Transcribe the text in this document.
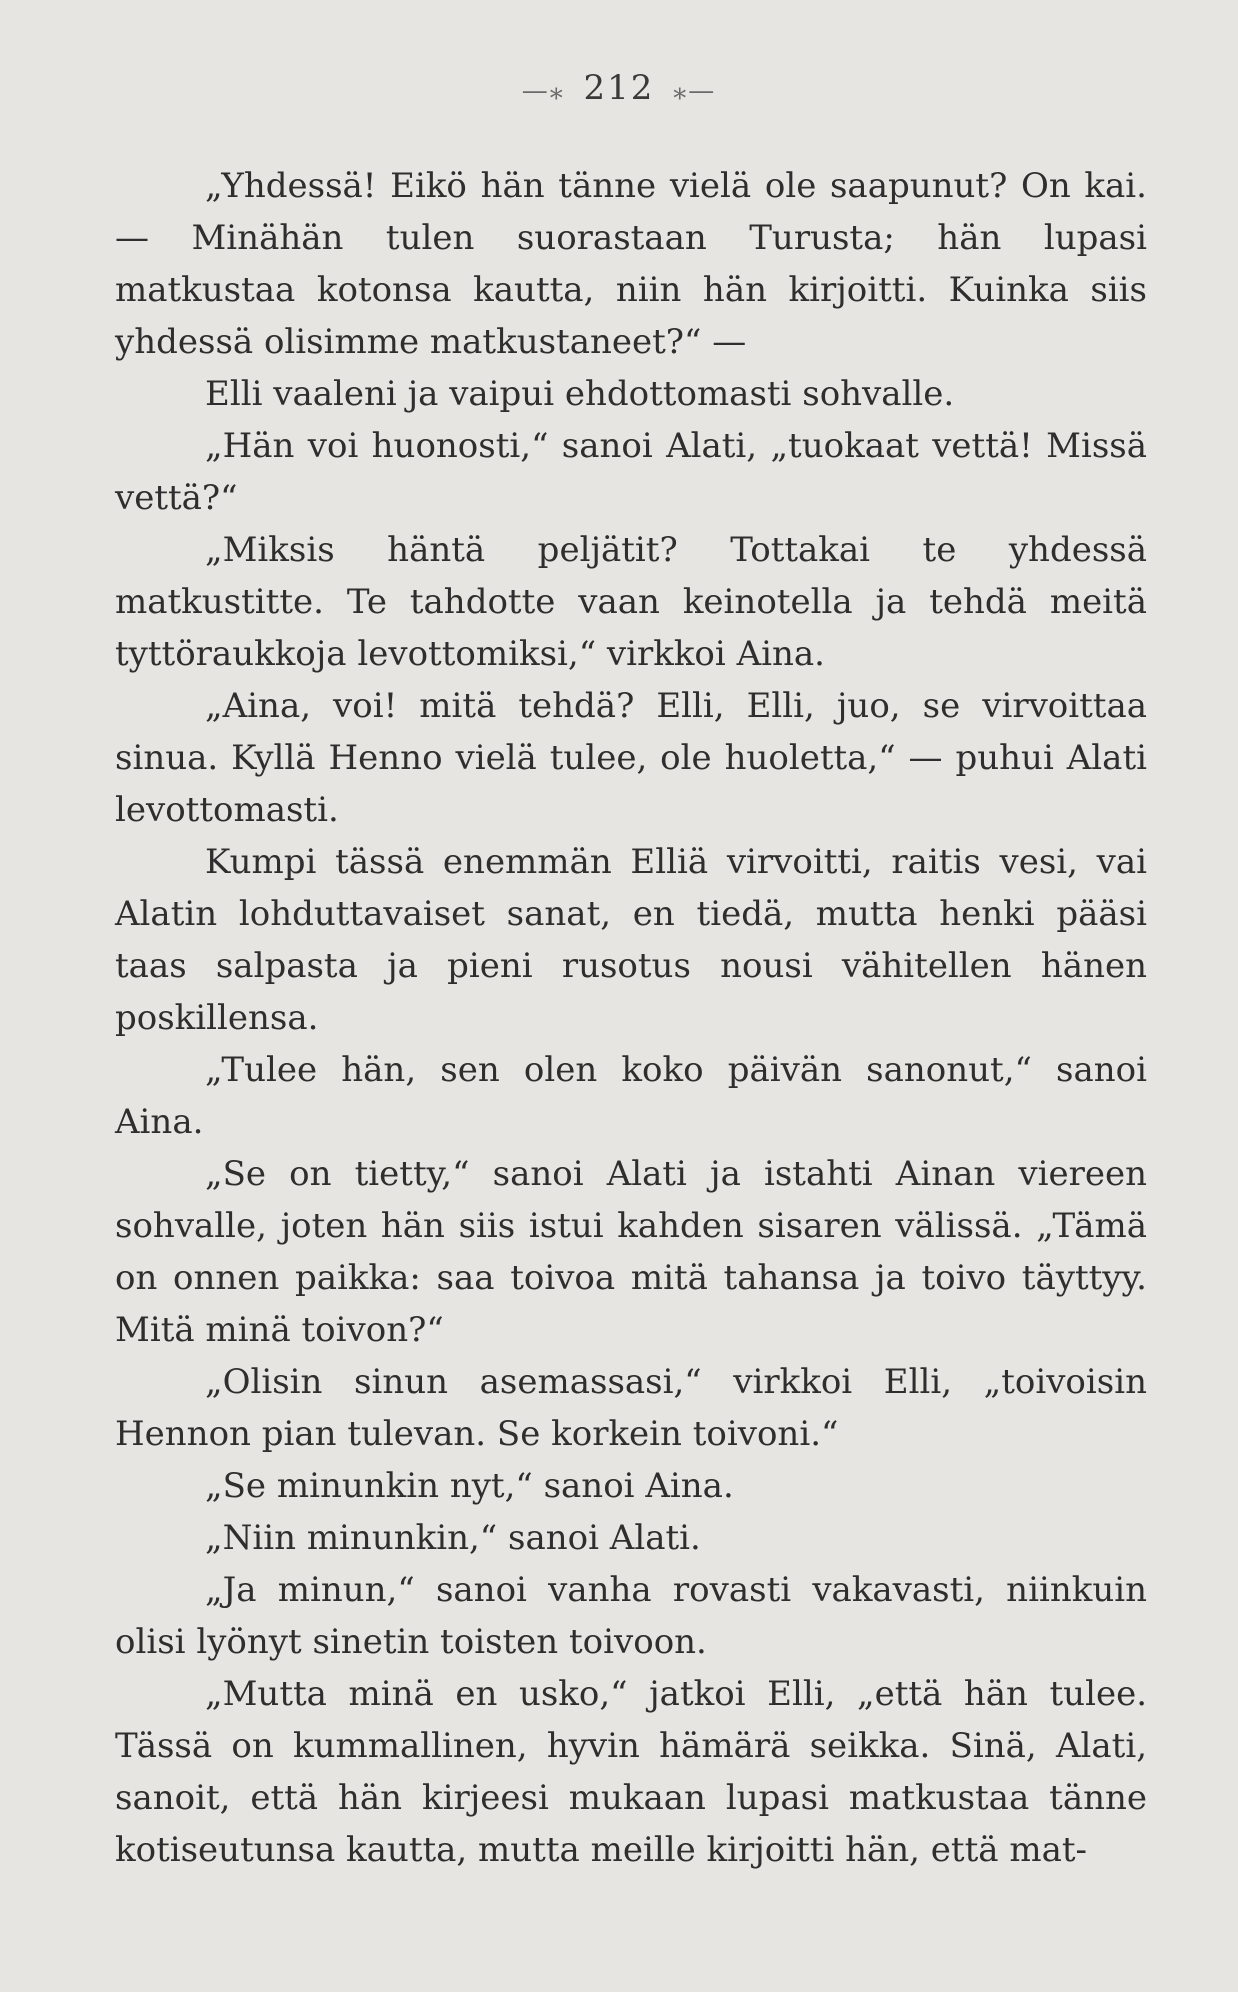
—⁎ 212 ⁎—

„Yhdessä! Eikö hän tänne vielä ole saapunut? On kai. — Minähän tulen suorastaan Turusta; hän lupasi matkustaa kotonsa kautta, niin hän kirjoitti. Kuinka siis yhdessä olisimme matkustaneet?“ —

Elli vaaleni ja vaipui ehdottomasti sohvalle.

„Hän voi huonosti,“ sanoi Alati, „tuokaat vettä! Missä vettä?“

„Miksis häntä peljätit? Tottakai te yhdessä matkustitte. Te tahdotte vaan keinotella ja tehdä meitä tyttöraukkoja levottomiksi,“ virkkoi Aina.

„Aina, voi! mitä tehdä? Elli, Elli, juo, se virvoittaa sinua. Kyllä Henno vielä tulee, ole huoletta,“ — puhui Alati levottomasti.

Kumpi tässä enemmän Elliä virvoitti, raitis vesi, vai Alatin lohduttavaiset sanat, en tiedä, mutta henki pääsi taas salpasta ja pieni rusotus nousi vähitellen hänen poskillensa.

„Tulee hän, sen olen koko päivän sanonut,“ sanoi Aina.

„Se on tietty,“ sanoi Alati ja istahti Ainan viereen sohvalle, joten hän siis istui kahden sisaren välissä. „Tämä on onnen paikka: saa toivoa mitä tahansa ja toivo täyttyy. Mitä minä toivon?“

„Olisin sinun asemassasi,“ virkkoi Elli, „toivoisin Hennon pian tulevan. Se korkein toivoni.“

„Se minunkin nyt,“ sanoi Aina.

„Niin minunkin,“ sanoi Alati.

„Ja minun,“ sanoi vanha rovasti vakavasti, niinkuin olisi lyönyt sinetin toisten toivoon.

„Mutta minä en usko,“ jatkoi Elli, „että hän tulee. Tässä on kummallinen, hyvin hämärä seikka. Sinä, Alati, sanoit, että hän kirjeesi mukaan lupasi matkustaa tänne kotiseutunsa kautta, mutta meille kirjoitti hän, että mat-
